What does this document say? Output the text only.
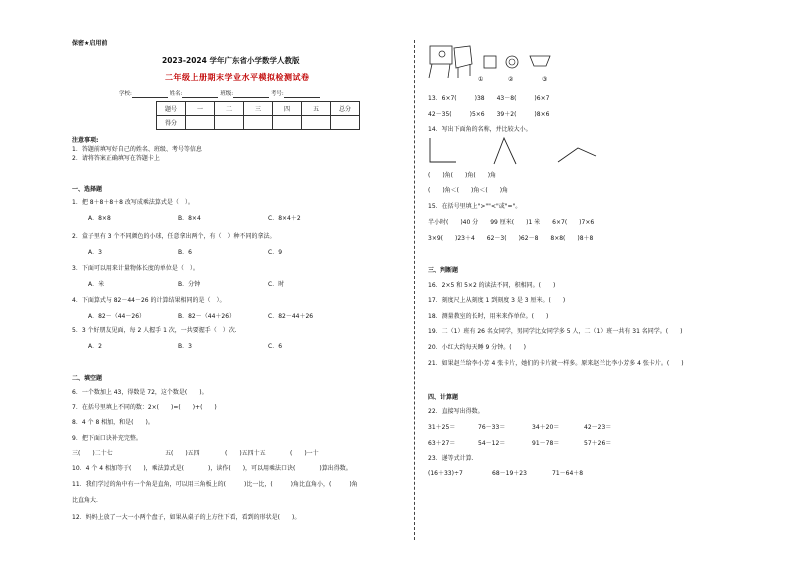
保密★启用前
2023-2024 学年广东省小学数学人教版
二年级上册期末学业水平模拟检测试卷
学校:	姓名:	班级:	考号:
题号	一	二	三	四	五	总分
得分						
注意事项:
1．答题前填写好自己的姓名、班级、考号等信息
2．请将答案正确填写在答题卡上
一、选择题
1．把 8＋8＋8＋8 改写成乘法算式是（　）。
A．8×8	B．8×4	C．8×4＋2
2．盒子里有 3 个不同颜色的小球，任意拿出两个，有（　）种不同的拿法。
A．3	B．6	C．9
3．下面可以用来计量物体长度的单位是（　）。
A．米	B．分钟	C．时
4．下面算式与 82－44－26 的计算结果相同的是（　）。
A．82－（44－26）	B．82－（44＋26）	C．82－44＋26
5．3 个好朋友见面，每 2 人握手 1 次，一共要握手（　）次.
A．2	B．3	C．6
二、填空题
6．一个数加上 43，得数是 72，这个数是(　　)。
7．在括号里填上不同的数：2×(　　)=(　　)+(　　)
8．4 个 8 相加，和是(　　)。
9．把下面口诀补充完整。
三(　　)二十七	五(　　)五四	(　　)五四十五	(　　)一十
10．4 个 4 相加等于(　　)，乘法算式是(　　　　)，读作(　　)，可以用乘法口诀(　　　　)算出得数。
11．我们学过的角中有一个角是直角，可以用三角板上的(　　　)比一比，(　　　)角比直角小，(　　　)角
比直角大.
12．妈妈上放了一大一小两个盘子，如果从桌子的上方往下看，看到的形状是(　　)。
①	②	③
13．6×7(　　　)38　　43－8(　　　)6×7
42－35(　　　)5×6　　39＋2(　　　)8×6
14．写出下面角的名称，并比较大小。
(　　)角(　　)角(　　)角
(　　)角＜(　　)角＜(　　)角
15．在括号里填上">""<"或"="。
半小时(　　)40 分　　99 厘米(　　)1 米　　6×7(　　)7×6
3×9(　　)23＋4　　62－3(　　)62－8　　8×8(　　)8＋8
三、判断题
16．2×5 和 5×2 的读法不同，积相同。(　　)
17．刻度尺上从刻度 1 到刻度 3 是 3 厘米。(　　)
18．测量教室的长时，用米来作单位。(　　)
19．二（1）班有 26 名女同学，男同学比女同学多 5 人，二（1）班一共有 31 名同学。(　　)
20．小红大约每天睡 9 分钟。(　　)
21．如果赵兰给李小芳 4 张卡片，她们的卡片就一样多。原来赵兰比李小芳多 4 张卡片。(　　)
四、计算题
22．直接写出得数。
31＋25＝	76－33＝	34＋20＝	42－23＝
63＋27＝	54－12＝	91－78＝	57＋26＝
23．递等式计算.
(16＋33)÷7	68－19＋23	71－64＋8
